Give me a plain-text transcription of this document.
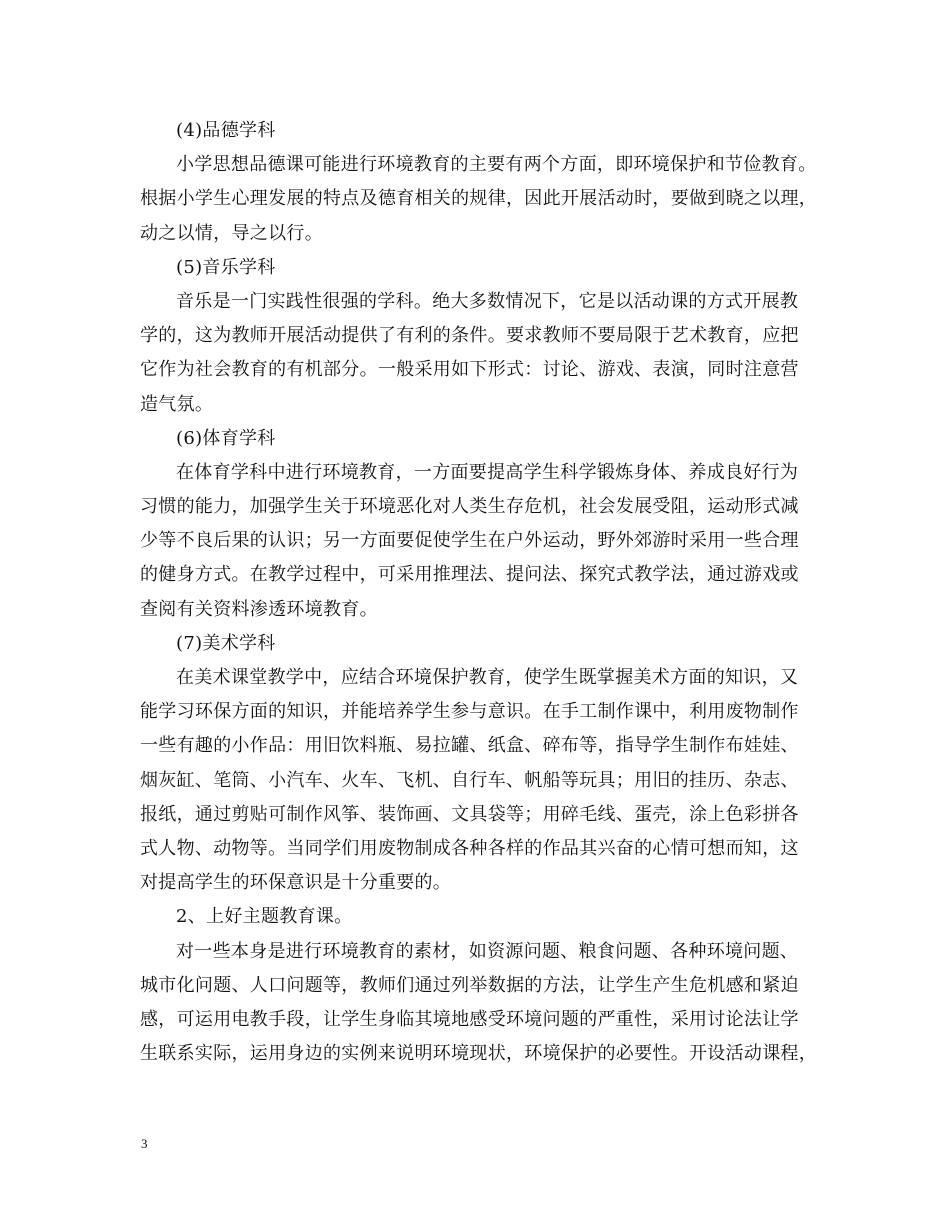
(4)品德学科
小学思想品德课可能进行环境教育的主要有两个方面，即环境保护和节俭教育。
根据小学生心理发展的特点及德育相关的规律，因此开展活动时，要做到晓之以理，
动之以情，导之以行。
(5)音乐学科
音乐是一门实践性很强的学科。绝大多数情况下，它是以活动课的方式开展教
学的，这为教师开展活动提供了有利的条件。要求教师不要局限于艺术教育，应把
它作为社会教育的有机部分。一般采用如下形式：讨论、游戏、表演，同时注意营
造气氛。
(6)体育学科
在体育学科中进行环境教育，一方面要提高学生科学锻炼身体、养成良好行为
习惯的能力，加强学生关于环境恶化对人类生存危机，社会发展受阻，运动形式减
少等不良后果的认识；另一方面要促使学生在户外运动，野外郊游时采用一些合理
的健身方式。在教学过程中，可采用推理法、提问法、探究式教学法，通过游戏或
查阅有关资料渗透环境教育。
(7)美术学科
在美术课堂教学中，应结合环境保护教育，使学生既掌握美术方面的知识，又
能学习环保方面的知识，并能培养学生参与意识。在手工制作课中，利用废物制作
一些有趣的小作品：用旧饮料瓶、易拉罐、纸盒、碎布等，指导学生制作布娃娃、
烟灰缸、笔筒、小汽车、火车、飞机、自行车、帆船等玩具；用旧的挂历、杂志、
报纸，通过剪贴可制作风筝、装饰画、文具袋等；用碎毛线、蛋壳，涂上色彩拼各
式人物、动物等。当同学们用废物制成各种各样的作品其兴奋的心情可想而知，这
对提高学生的环保意识是十分重要的。
2、上好主题教育课。
对一些本身是进行环境教育的素材，如资源问题、粮食问题、各种环境问题、
城市化问题、人口问题等，教师们通过列举数据的方法，让学生产生危机感和紧迫
感，可运用电教手段，让学生身临其境地感受环境问题的严重性，采用讨论法让学
生联系实际，运用身边的实例来说明环境现状，环境保护的必要性。开设活动课程，
3
